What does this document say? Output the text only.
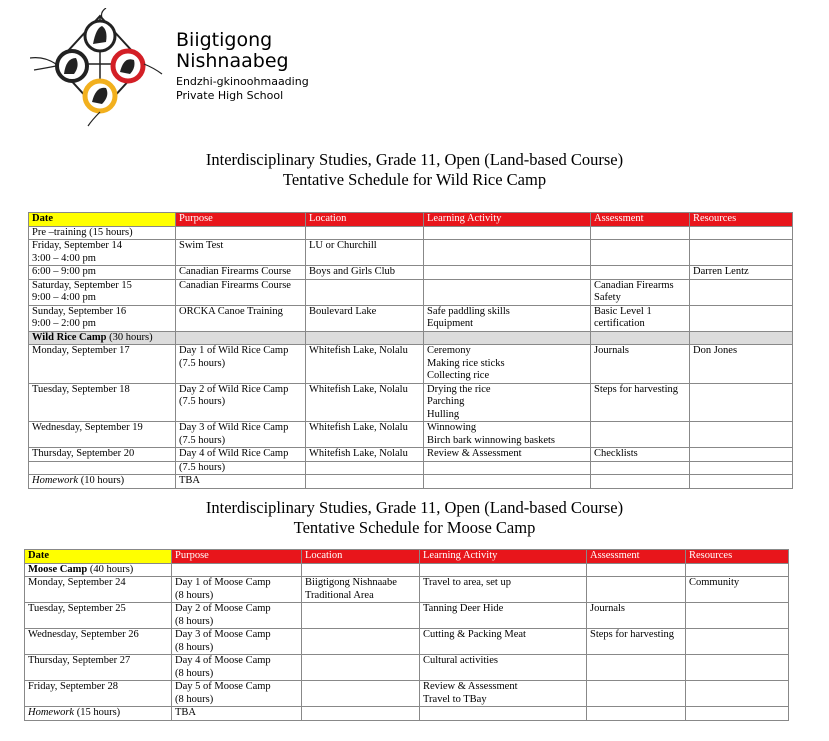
Biigtigong
Nishnaabeg
Endzhi-gkinoohmaading
Private High School
Interdisciplinary Studies, Grade 11, Open (Land-based Course)
Tentative Schedule for Wild Rice Camp
Date	Purpose	Location	Learning Activity	Assessment	Resources
Pre –training (15 hours)					
Friday, September 14
3:00 – 4:00 pm	Swim Test	LU or Churchill			
6:00 – 9:00 pm	Canadian Firearms Course	Boys and Girls Club			Darren Lentz
Saturday, September 15
9:00 – 4:00 pm	Canadian Firearms Course			Canadian Firearms
Safety	
Sunday, September 16
9:00 – 2:00 pm	ORCKA Canoe Training	Boulevard Lake	Safe paddling skills
Equipment	Basic Level 1
certification	
Wild Rice Camp (30 hours)					
Monday, September 17	Day 1 of Wild Rice Camp
(7.5 hours)	Whitefish Lake, Nolalu	Ceremony
Making rice sticks
Collecting rice	Journals	Don Jones
Tuesday, September 18	Day 2 of Wild Rice Camp
(7.5 hours)	Whitefish Lake, Nolalu	Drying the rice
Parching
Hulling	Steps for harvesting	
Wednesday, September 19	Day 3 of Wild Rice Camp
(7.5 hours)	Whitefish Lake, Nolalu	Winnowing
Birch bark winnowing baskets		
Thursday, September 20	Day 4 of Wild Rice Camp	Whitefish Lake, Nolalu	Review & Assessment	Checklists	
	(7.5 hours)				
Homework (10 hours)	TBA				
Interdisciplinary Studies, Grade 11, Open (Land-based Course)
Tentative Schedule for Moose Camp
Date	Purpose	Location	Learning Activity	Assessment	Resources
Moose Camp (40 hours)					
Monday, September 24	Day 1 of Moose Camp
(8 hours)	Biigtigong Nishnaabe
Traditional Area	Travel to area, set up		Community
Tuesday, September 25	Day 2 of Moose Camp
(8 hours)		Tanning Deer Hide	Journals	
Wednesday, September 26	Day 3 of Moose Camp
(8 hours)		Cutting & Packing Meat	Steps for harvesting	
Thursday, September 27	Day 4 of Moose Camp
(8 hours)		Cultural activities		
Friday, September 28	Day 5 of Moose Camp
(8 hours)		Review & Assessment
Travel to TBay		
Homework (15 hours)	TBA				
